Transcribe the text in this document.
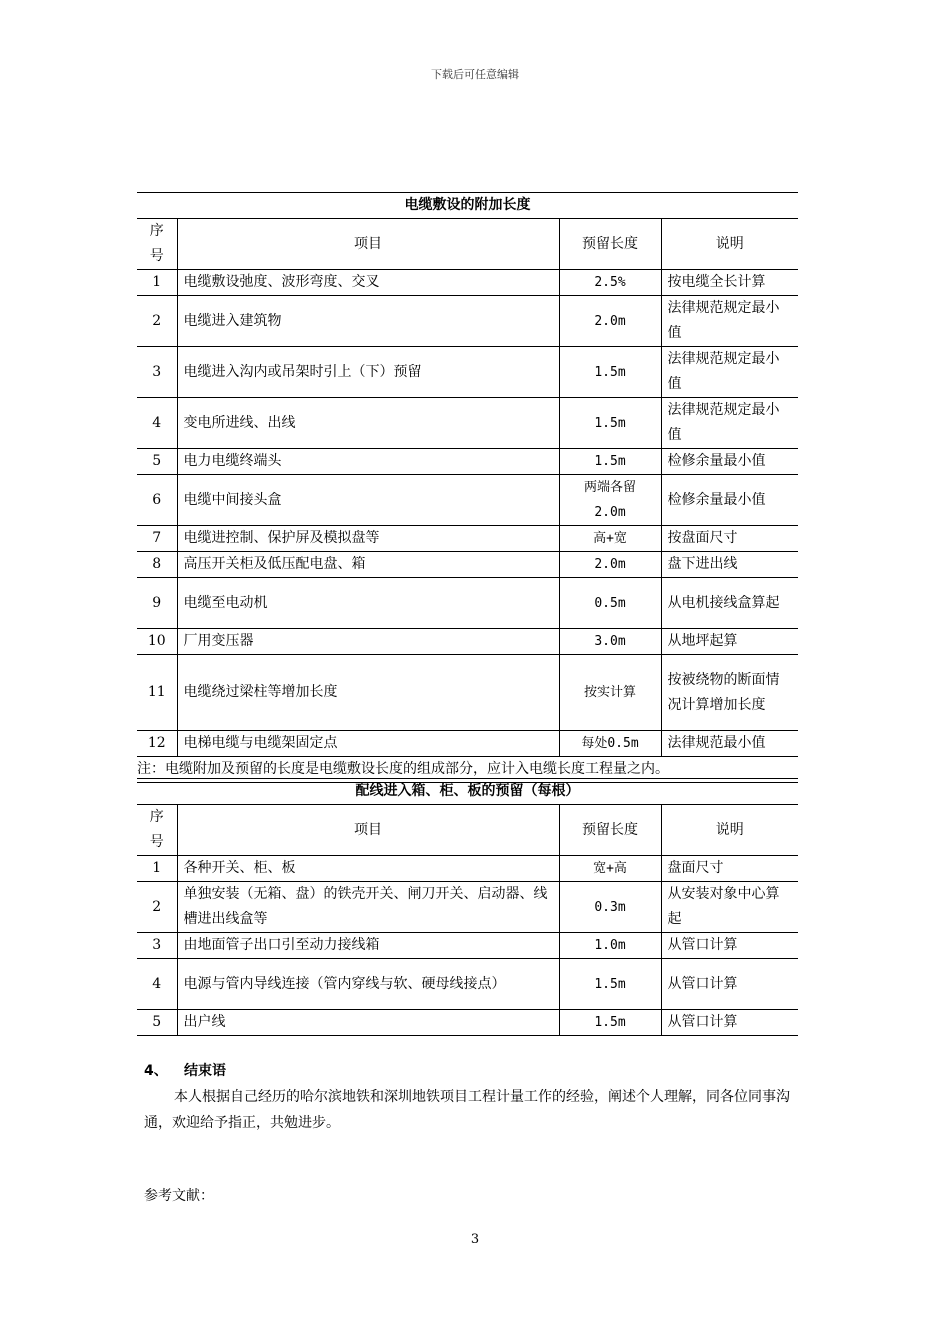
下载后可任意编辑
电缆敷设的附加长度			
序号	项目	预留长度	说明
1	电缆敷设弛度、波形弯度、交叉	2.5%	按电缆全长计算
2	电缆进入建筑物	2.0m	法律规范规定最小值
3	电缆进入沟内或吊架时引上（下）预留	1.5m	法律规范规定最小值
4	变电所进线、出线	1.5m	法律规范规定最小值
5	电力电缆终端头	1.5m	检修余量最小值
6	电缆中间接头盒	两端各留2.0m	检修余量最小值
7	电缆进控制、保护屏及模拟盘等	高+宽	按盘面尺寸
8	高压开关柜及低压配电盘、箱	2.0m	盘下进出线
9	电缆至电动机	0.5m	从电机接线盒算起
10	厂用变压器	3.0m	从地坪起算
11	电缆绕过梁柱等增加长度	按实计算	按被绕物的断面情况计算增加长度
12	电梯电缆与电缆架固定点	每处0.5m	法律规范最小值
注：电缆附加及预留的长度是电缆敷设长度的组成部分，应计入电缆长度工程量之内。			
配线进入箱、柜、板的预留（每根）			
序号	项目	预留长度	说明
1	各种开关、柜、板	宽+高	盘面尺寸
2	单独安装（无箱、盘）的铁壳开关、闸刀开关、启动器、线槽进出线盒等	0.3m	从安装对象中心算起
3	由地面管子出口引至动力接线箱	1.0m	从管口计算
4	电源与管内导线连接（管内穿线与软、硬母线接点）	1.5m	从管口计算
5	出户线	1.5m	从管口计算
4、 结束语
本人根据自己经历的哈尔滨地铁和深圳地铁项目工程计量工作的经验，阐述个人理解，同各位同事沟通，欢迎给予指正，共勉进步。
参考文献：
3
